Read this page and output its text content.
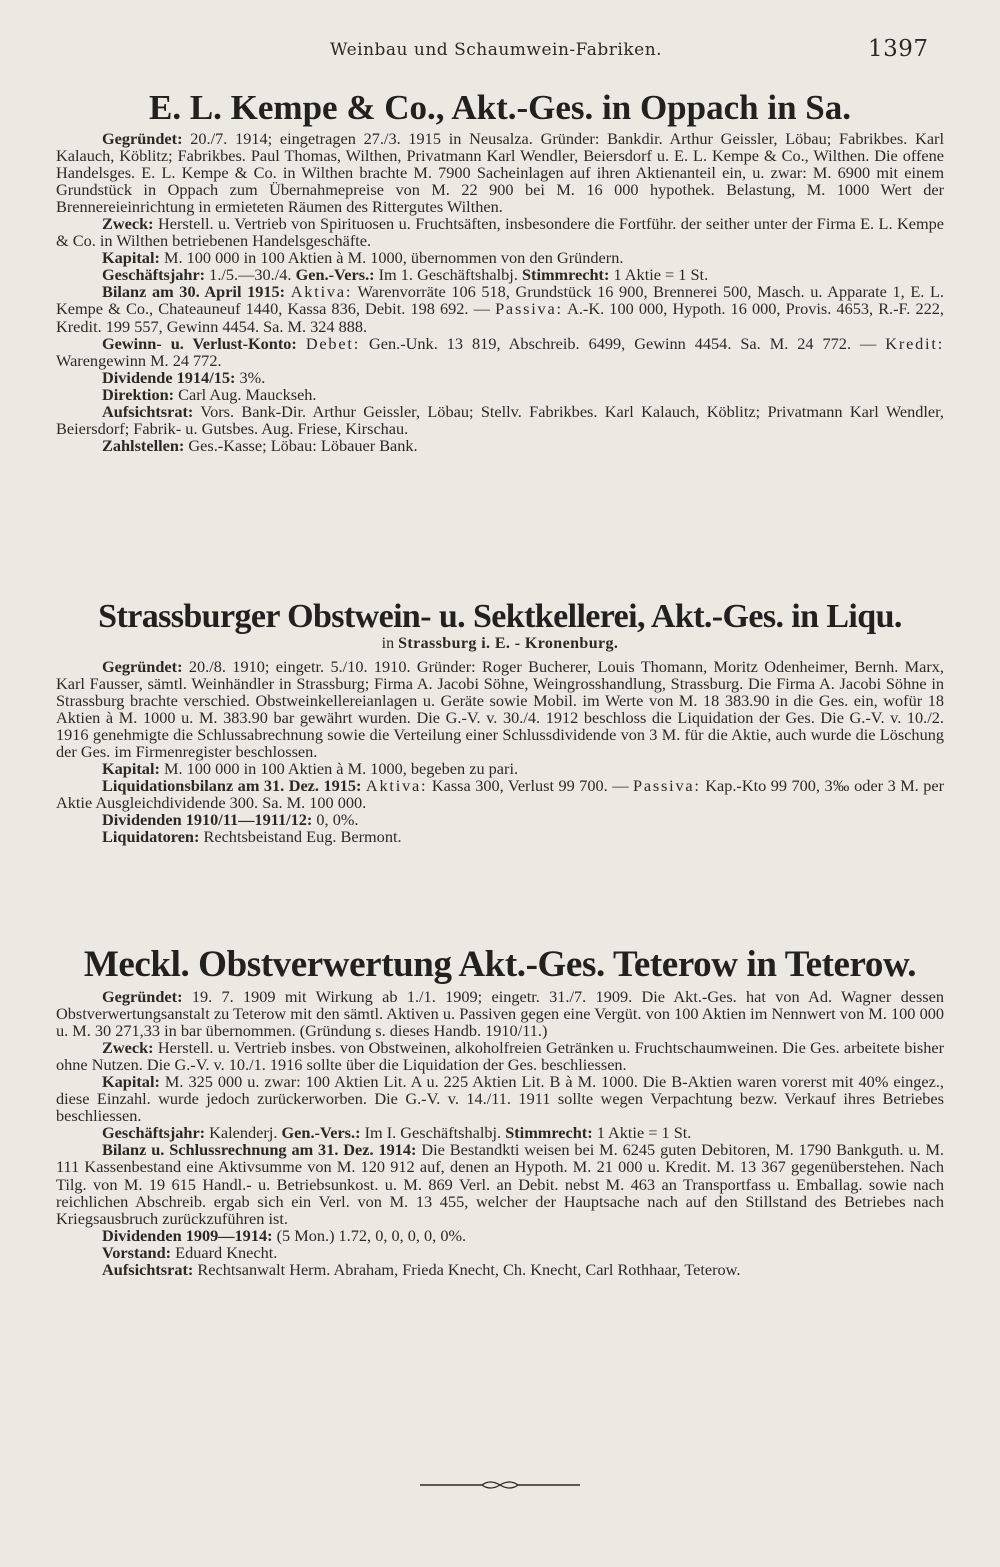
Weinbau und Schaumwein-Fabriken.	1397
E. L. Kempe & Co., Akt.-Ges. in Oppach in Sa.

Gegründet: 20./7. 1914; eingetragen 27./3. 1915 in Neusalza. Gründer: Bankdir. Arthur Geissler, Löbau; Fabrikbes. Karl Kalauch, Köblitz; Fabrikbes. Paul Thomas, Wilthen, Privatmann Karl Wendler, Beiersdorf u. E. L. Kempe & Co., Wilthen. Die offene Handelsges. E. L. Kempe & Co. in Wilthen brachte M. 7900 Sacheinlagen auf ihren Aktienanteil ein, u. zwar: M. 6900 mit einem Grundstück in Oppach zum Übernahmepreise von M. 22 900 bei M. 16 000 hypothek. Belastung, M. 1000 Wert der Brennereieinrichtung in ermieteten Räumen des Rittergutes Wilthen.

Zweck: Herstell. u. Vertrieb von Spirituosen u. Fruchtsäften, insbesondere die Fortführ. der seither unter der Firma E. L. Kempe & Co. in Wilthen betriebenen Handelsgeschäfte.

Kapital: M. 100 000 in 100 Aktien à M. 1000, übernommen von den Gründern.

Geschäftsjahr: 1./5.—30./4. Gen.-Vers.: Im 1. Geschäftshalbj. Stimmrecht: 1 Aktie = 1 St.

Bilanz am 30. April 1915: Aktiva: Warenvorräte 106 518, Grundstück 16 900, Brennerei 500, Masch. u. Apparate 1, E. L. Kempe & Co., Chateauneuf 1440, Kassa 836, Debit. 198 692. — Passiva: A.-K. 100 000, Hypoth. 16 000, Provis. 4653, R.-F. 222, Kredit. 199 557, Gewinn 4454. Sa. M. 324 888.

Gewinn- u. Verlust-Konto: Debet: Gen.-Unk. 13 819, Abschreib. 6499, Gewinn 4454. Sa. M. 24 772. — Kredit: Warengewinn M. 24 772.

Dividende 1914/15: 3%.

Direktion: Carl Aug. Mauckseh.

Aufsichtsrat: Vors. Bank-Dir. Arthur Geissler, Löbau; Stellv. Fabrikbes. Karl Kalauch, Köblitz; Privatmann Karl Wendler, Beiersdorf; Fabrik- u. Gutsbes. Aug. Friese, Kirschau.

Zahlstellen: Ges.-Kasse; Löbau: Löbauer Bank.

Strassburger Obstwein- u. Sektkellerei, Akt.-Ges. in Liqu.
in Strassburg i. E. - Kronenburg.

Gegründet: 20./8. 1910; eingetr. 5./10. 1910. Gründer: Roger Bucherer, Louis Thomann, Moritz Odenheimer, Bernh. Marx, Karl Fausser, sämtl. Weinhändler in Strassburg; Firma A. Jacobi Söhne, Weingrosshandlung, Strassburg. Die Firma A. Jacobi Söhne in Strassburg brachte verschied. Obstweinkellereianlagen u. Geräte sowie Mobil. im Werte von M. 18 383.90 in die Ges. ein, wofür 18 Aktien à M. 1000 u. M. 383.90 bar gewährt wurden. Die G.-V. v. 30./4. 1912 beschloss die Liquidation der Ges. Die G.-V. v. 10./2. 1916 genehmigte die Schlussabrechnung sowie die Verteilung einer Schlussdividende von 3 M. für die Aktie, auch wurde die Löschung der Ges. im Firmenregister beschlossen.

Kapital: M. 100 000 in 100 Aktien à M. 1000, begeben zu pari.

Liquidationsbilanz am 31. Dez. 1915: Aktiva: Kassa 300, Verlust 99 700. — Passiva: Kap.-Kto 99 700, 3‰ oder 3 M. per Aktie Ausgleichdividende 300. Sa. M. 100 000.

Dividenden 1910/11—1911/12: 0, 0%.

Liquidatoren: Rechtsbeistand Eug. Bermont.

Meckl. Obstverwertung Akt.-Ges. Teterow in Teterow.

Gegründet: 19. 7. 1909 mit Wirkung ab 1./1. 1909; eingetr. 31./7. 1909. Die Akt.-Ges. hat von Ad. Wagner dessen Obstverwertungsanstalt zu Teterow mit den sämtl. Aktiven u. Passiven gegen eine Vergüt. von 100 Aktien im Nennwert von M. 100 000 u. M. 30 271,33 in bar übernommen. (Gründung s. dieses Handb. 1910/11.)

Zweck: Herstell. u. Vertrieb insbes. von Obstweinen, alkoholfreien Getränken u. Fruchtschaumweinen. Die Ges. arbeitete bisher ohne Nutzen. Die G.-V. v. 10./1. 1916 sollte über die Liquidation der Ges. beschliessen.

Kapital: M. 325 000 u. zwar: 100 Aktien Lit. A u. 225 Aktien Lit. B à M. 1000. Die B-Aktien waren vorerst mit 40% eingez., diese Einzahl. wurde jedoch zurückerworben. Die G.-V. v. 14./11. 1911 sollte wegen Verpachtung bezw. Verkauf ihres Betriebes beschliessen.

Geschäftsjahr: Kalenderj. Gen.-Vers.: Im I. Geschäftshalbj. Stimmrecht: 1 Aktie = 1 St.

Bilanz u. Schlussrechnung am 31. Dez. 1914: Die Bestandkti weisen bei M. 6245 guten Debitoren, M. 1790 Bankguth. u. M. 111 Kassenbestand eine Aktivsumme von M. 120 912 auf, denen an Hypoth. M. 21 000 u. Kredit. M. 13 367 gegenüberstehen. Nach Tilg. von M. 19 615 Handl.- u. Betriebsunkost. u. M. 869 Verl. an Debit. nebst M. 463 an Transportfass u. Emballag. sowie nach reichlichen Abschreib. ergab sich ein Verl. von M. 13 455, welcher der Hauptsache nach auf den Stillstand des Betriebes nach Kriegsausbruch zurückzuführen ist.

Dividenden 1909—1914: (5 Mon.) 1.72, 0, 0, 0, 0, 0%.

Vorstand: Eduard Knecht.

Aufsichtsrat: Rechtsanwalt Herm. Abraham, Frieda Knecht, Ch. Knecht, Carl Rothhaar, Teterow.
